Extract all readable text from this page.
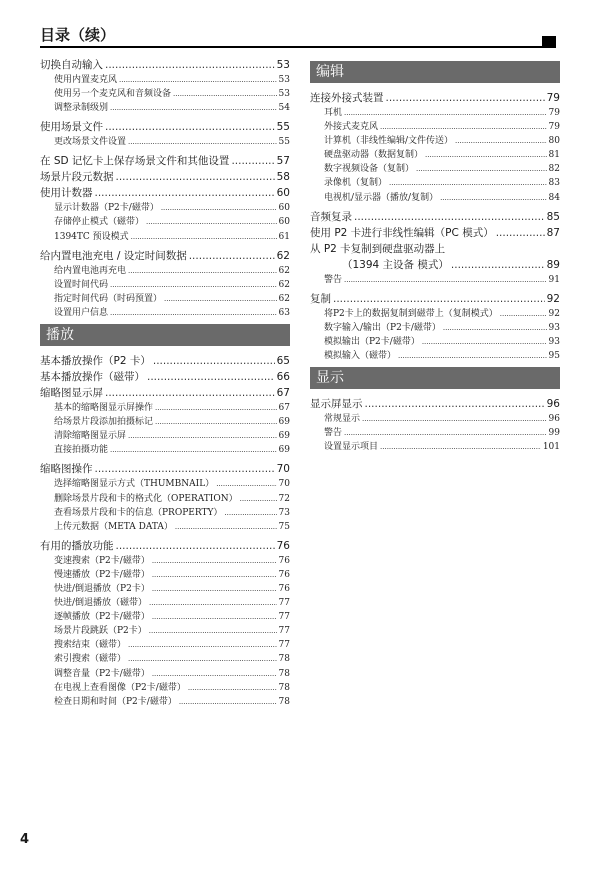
目录（续）
切换自动输入 .....	53
使用内置麦克风 .....	53
使用另一个麦克风和音频设备 .....	53
调整录制级别 .....	54
使用场景文件 .....	55
更改场景文件设置 .....	55
在 SD 记忆卡上保存场景文件和其他设置 .....	57
场景片段元数据 .....	58
使用计数器 .....	60
显示计数器（P2卡/磁带） .....	60
存储停止模式（磁带） .....	60
1394TC 预设模式 .....	61
给内置电池充电 / 设定时间数据 .....	62
给内置电池再充电 .....	62
设置时间代码 .....	62
指定时间代码（时码预置） .....	62
设置用户信息 .....	63
播放
基本播放操作（P2 卡） .....	65
基本播放操作（磁带） .....	66
缩略图显示屏 .....	67
基本的缩略图显示屏操作 .....	67
给场景片段添加拍摄标记 .....	69
清除缩略图显示屏 .....	69
直接拍摄功能 .....	69
缩略图操作 .....	70
选择缩略图显示方式（THUMBNAIL） .....	70
删除场景片段和卡的格式化（OPERATION） .....	72
查看场景片段和卡的信息（PROPERTY） .....	73
上传元数据（META DATA） .....	75
有用的播放功能 .....	76
变速搜索（P2卡/磁带） .....	76
慢速播放（P2卡/磁带） .....	76
快进/倒退播放（P2卡） .....	76
快进/倒退播放（磁带） .....	77
逐帧播放（P2卡/磁带） .....	77
场景片段跳跃（P2卡） .....	77
搜索结束（磁带） .....	77
索引搜索（磁带） .....	78
调整音量（P2卡/磁带） .....	78
在电视上查看图像（P2卡/磁带） .....	78
检查日期和时间（P2卡/磁带） .....	78
编辑
连接外接式装置 .....	79
耳机 .....	79
外接式麦克风 .....	79
计算机（非线性编辑/文件传送） .....	80
硬盘驱动器（数据复制） .....	81
数字视频设备（复制） .....	82
录像机（复制） .....	83
电视机/显示器（播放/复制） .....	84
音频复录 .....	85
使用 P2 卡进行非线性编辑（PC 模式） .....	87
从 P2 卡复制到硬盘驱动器上
（1394 主设备 模式） .....	89
警告 .....	91
复制 .....	92
将P2卡上的数据复制到磁带上（复制模式） .....	92
数字输入/输出（P2卡/磁带） .....	93
模拟输出（P2卡/磁带） .....	93
模拟输入（磁带） .....	95
显示
显示屏显示 .....	96
常规显示 .....	96
警告 .....	99
设置显示项目 .....	101
4
